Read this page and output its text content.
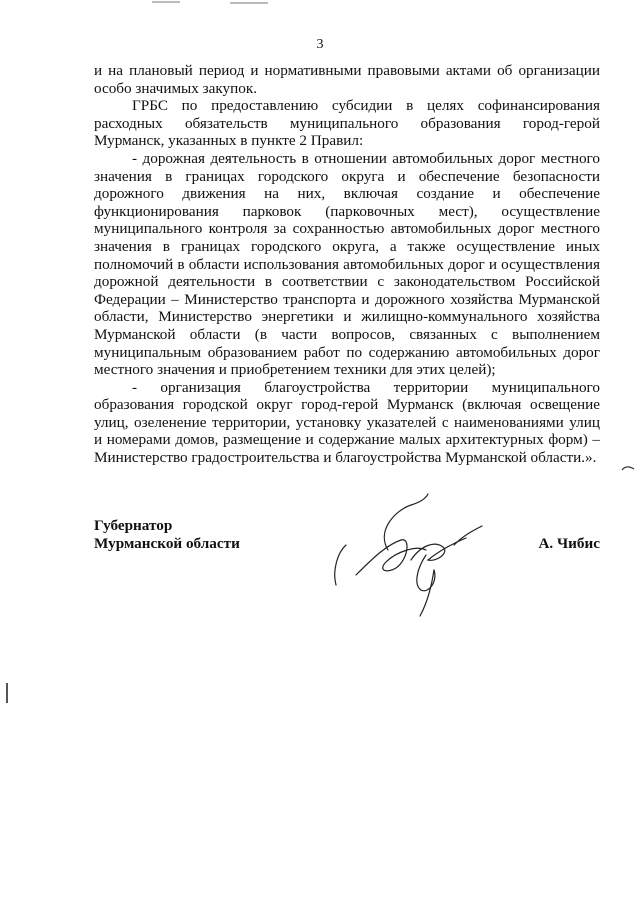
3

и на плановый период и нормативными правовыми актами об организации особо значимых закупок.

ГРБС по предоставлению субсидии в целях софинансирования расходных обязательств муниципального образования город-герой Мурманск, указанных в пункте 2 Правил:

- дорожная деятельность в отношении автомобильных дорог местного значения в границах городского округа и обеспечение безопасности дорожного движения на них, включая создание и обеспечение функционирования парковок (парковочных мест), осуществление муниципального контроля за сохранностью автомобильных дорог местного значения в границах городского округа, а также осуществление иных полномочий в области использования автомобильных дорог и осуществления дорожной деятельности в соответствии с законодательством Российской Федерации – Министерство транспорта и дорожного хозяйства Мурманской области, Министерство энергетики и жилищно-коммунального хозяйства Мурманской области (в части вопросов, связанных с выполнением муниципальным образованием работ по содержанию автомобильных дорог местного значения и приобретением техники для этих целей);

- организация благоустройства территории муниципального образования городской округ город-герой Мурманск (включая освещение улиц, озеленение территории, установку указателей с наименованиями улиц и номерами домов, размещение и содержание малых архитектурных форм) – Министерство градостроительства и благоустройства Мурманской области.».

Губернатор
Мурманской области	А. Чибис
